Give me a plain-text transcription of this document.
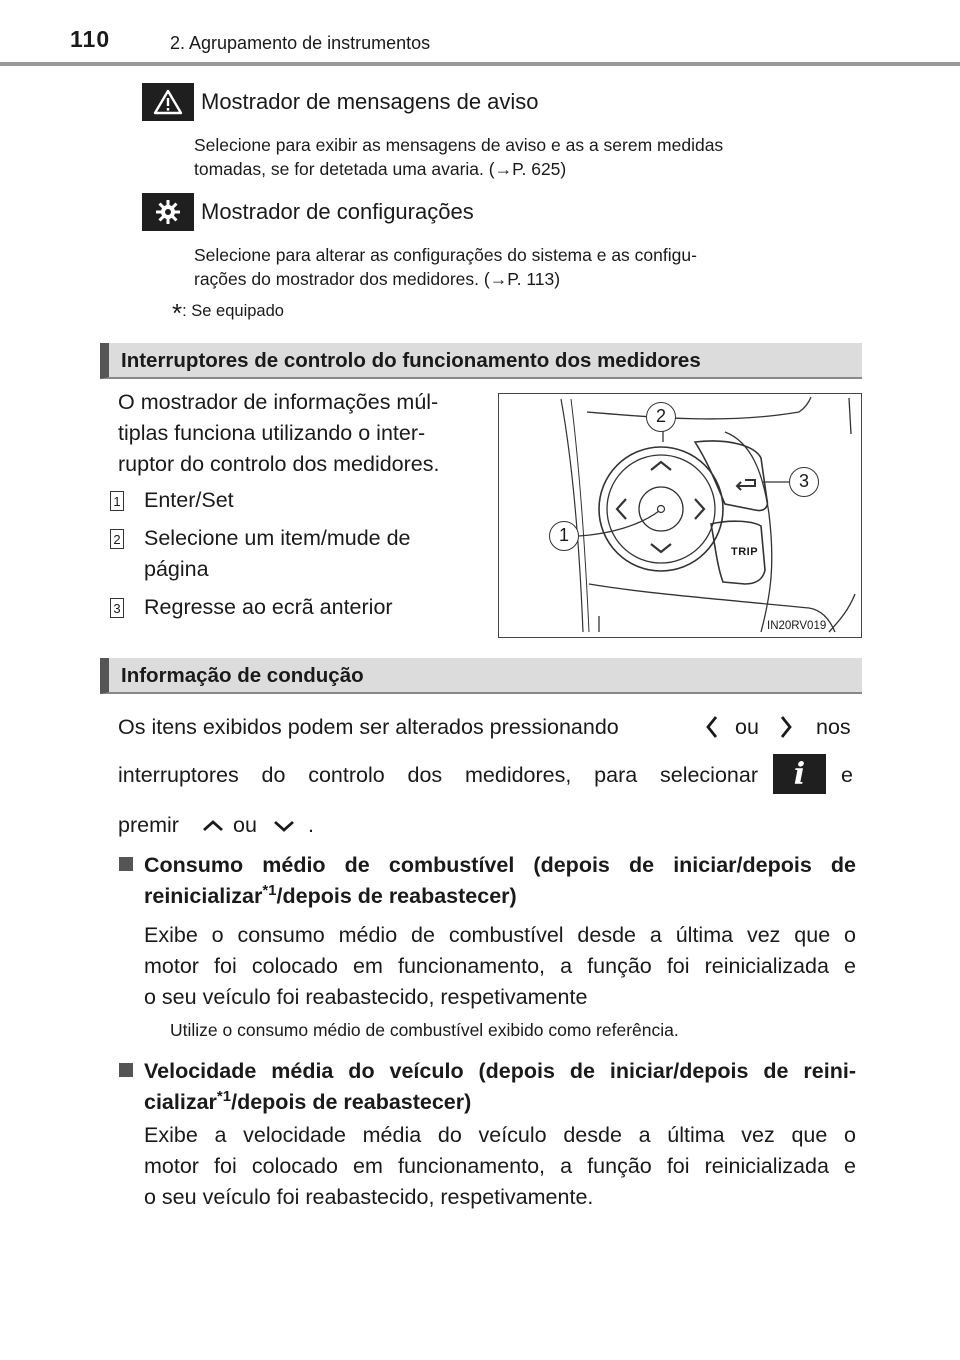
110	2. Agrupamento de instrumentos
Mostrador de mensagens de aviso
Selecione para exibir as mensagens de aviso e as a serem medidas
tomadas, se for detetada uma avaria. (→P. 625)
Mostrador de configurações
Selecione para alterar as configurações do sistema e as configu-
rações do mostrador dos medidores. (→P. 113)
*: Se equipado
Interruptores de controlo do funcionamento dos medidores
O mostrador de informações múl-
tiplas funciona utilizando o inter-
ruptor do controlo dos medidores.
1 Enter/Set
2 Selecione um item/mude de
página
3 Regresse ao ecrã anterior
2
3
1
TRIP
IN20RV019
Informação de condução
Os itens exibidos podem ser alterados pressionando	ou	nos
interruptores do controlo dos medidores, para selecionar	i	e
premir	ou .
Consumo médio de combustível (depois de iniciar/depois de
reinicializar$^{*1}$/depois de reabastecer)
Exibe o consumo médio de combustível desde a última vez que o
motor foi colocado em funcionamento, a função foi reinicializada e
o seu veículo foi reabastecido, respetivamente
Utilize o consumo médio de combustível exibido como referência.
Velocidade média do veículo (depois de iniciar/depois de reini-
cializar$^{*1}$/depois de reabastecer)
Exibe a velocidade média do veículo desde a última vez que o
motor foi colocado em funcionamento, a função foi reinicializada e
o seu veículo foi reabastecido, respetivamente.
